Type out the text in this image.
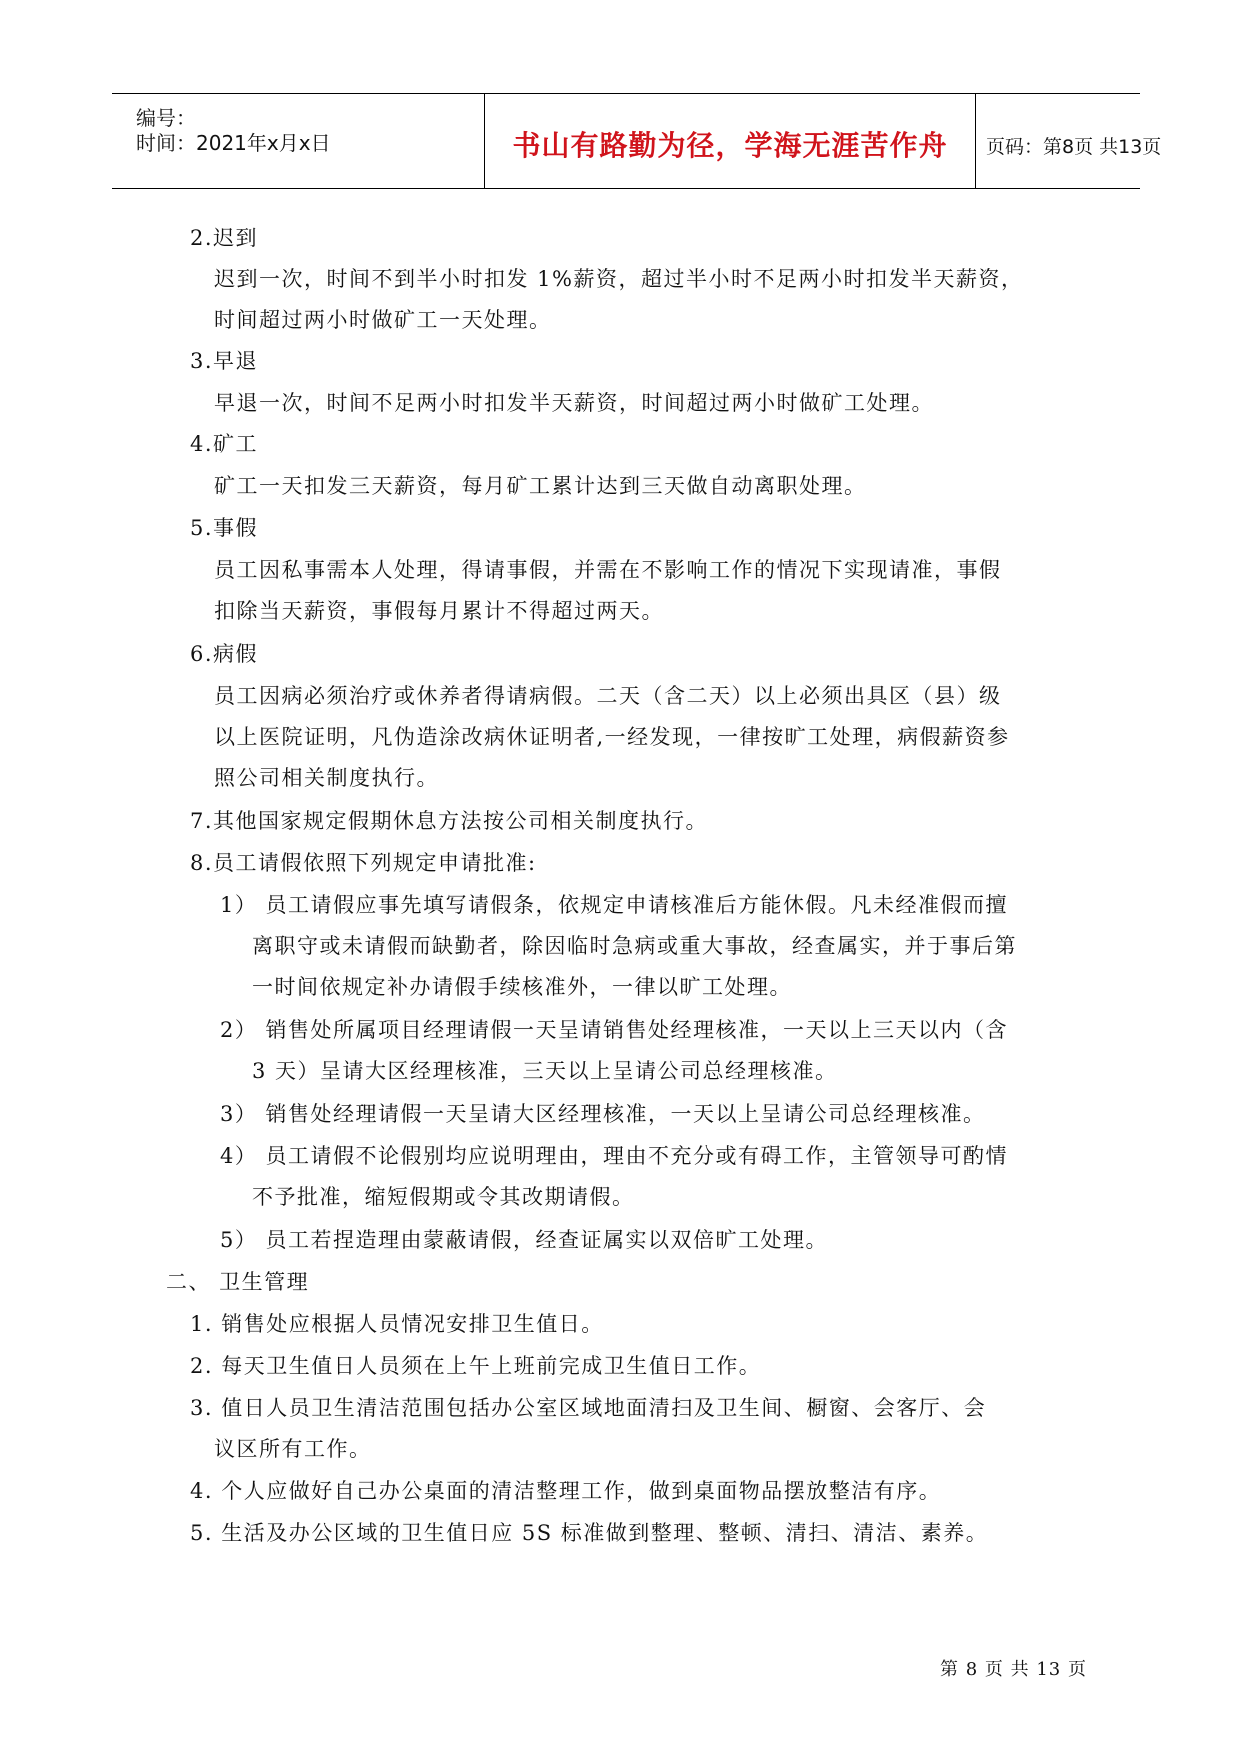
编号：
时间：2021年x月x日	书山有路勤为径，学海无涯苦作舟	页码：第8页 共13页
2.迟到
迟到一次，时间不到半小时扣发 1%薪资，超过半小时不足两小时扣发半天薪资，
时间超过两小时做矿工一天处理。
3.早退
早退一次，时间不足两小时扣发半天薪资，时间超过两小时做矿工处理。
4.矿工
矿工一天扣发三天薪资，每月矿工累计达到三天做自动离职处理。
5.事假
员工因私事需本人处理，得请事假，并需在不影响工作的情况下实现请准，事假
扣除当天薪资，事假每月累计不得超过两天。
6.病假
员工因病必须治疗或休养者得请病假。二天（含二天）以上必须出具区（县）级
以上医院证明，凡伪造涂改病休证明者,一经发现，一律按旷工处理，病假薪资参
照公司相关制度执行。
7.其他国家规定假期休息方法按公司相关制度执行。
8.员工请假依照下列规定申请批准:
1） 员工请假应事先填写请假条，依规定申请核准后方能休假。凡未经准假而擅
离职守或未请假而缺勤者，除因临时急病或重大事故，经查属实，并于事后第
一时间依规定补办请假手续核准外，一律以旷工处理。
2） 销售处所属项目经理请假一天呈请销售处经理核准，一天以上三天以内（含
3 天）呈请大区经理核准，三天以上呈请公司总经理核准。
3） 销售处经理请假一天呈请大区经理核准，一天以上呈请公司总经理核准。
4） 员工请假不论假别均应说明理由，理由不充分或有碍工作，主管领导可酌情
不予批准，缩短假期或令其改期请假。
5） 员工若捏造理由蒙蔽请假，经查证属实以双倍旷工处理。
二、 卫生管理
1. 销售处应根据人员情况安排卫生值日。
2. 每天卫生值日人员须在上午上班前完成卫生值日工作。
3. 值日人员卫生清洁范围包括办公室区域地面清扫及卫生间、橱窗、会客厅、会
议区所有工作。
4. 个人应做好自己办公桌面的清洁整理工作，做到桌面物品摆放整洁有序。
5. 生活及办公区域的卫生值日应 5S 标准做到整理、整顿、清扫、清洁、素养。
第 8 页 共 13 页
